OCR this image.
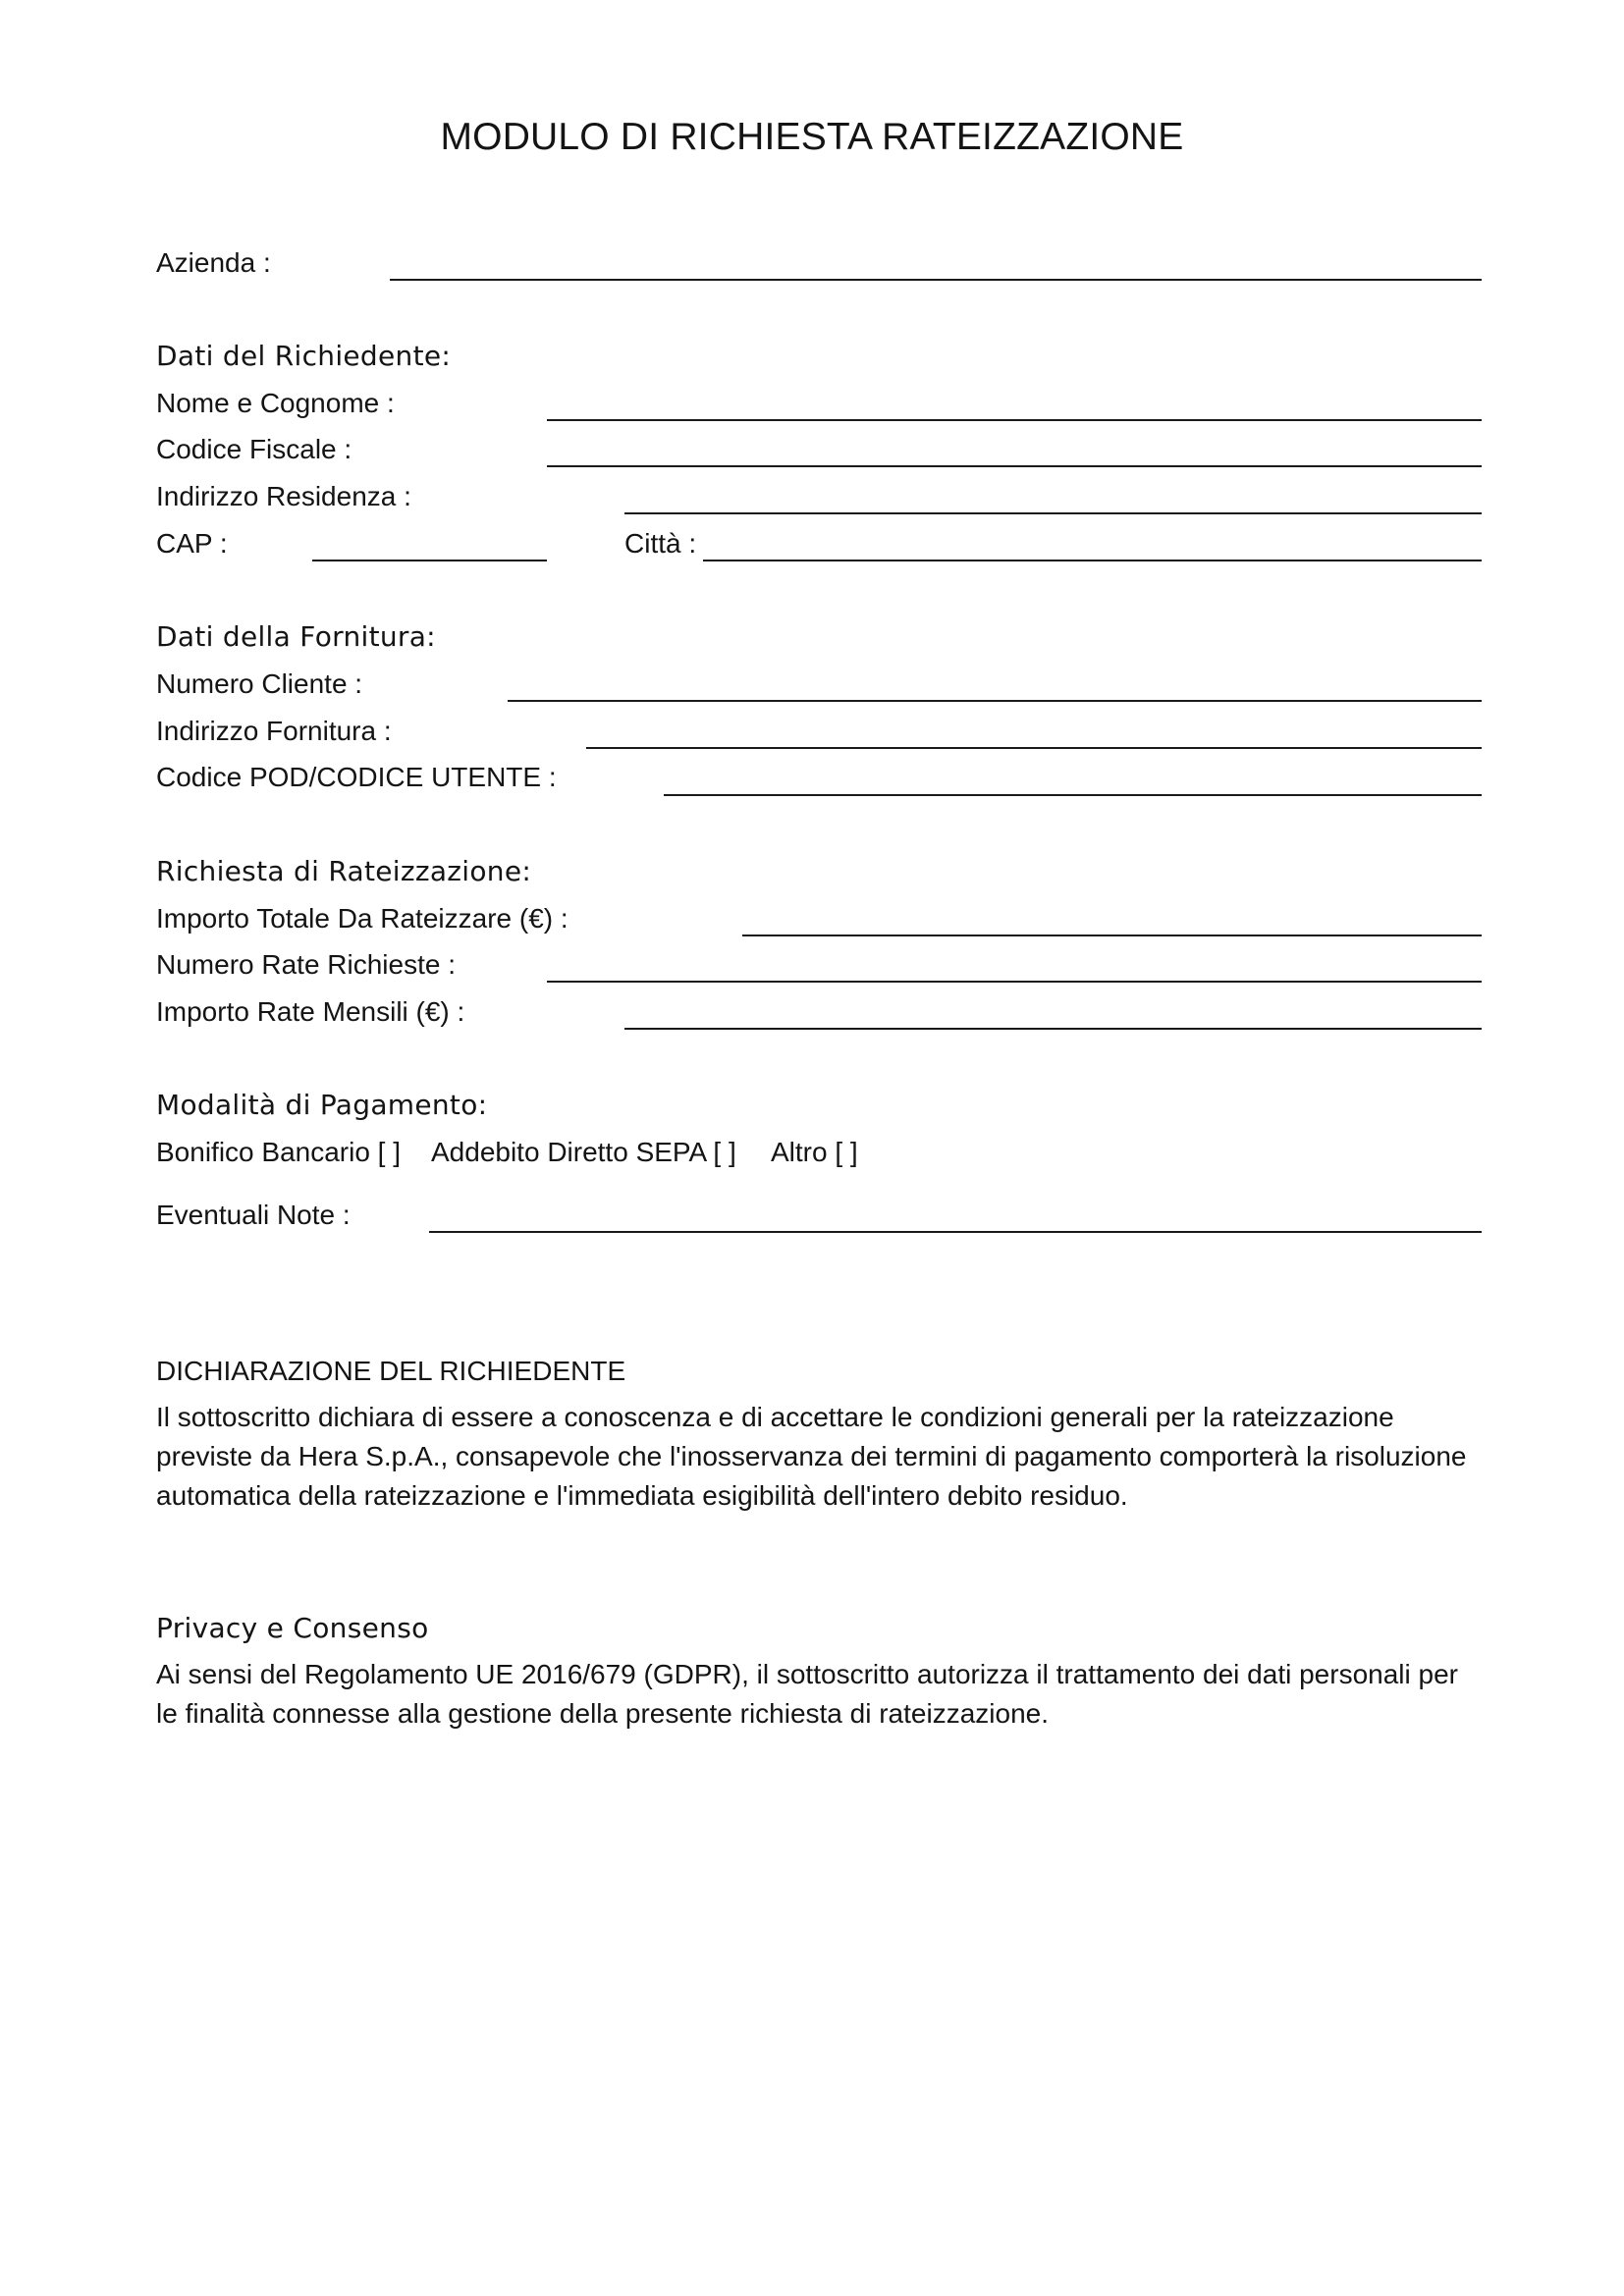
MODULO DI RICHIESTA RATEIZZAZIONE
Azienda :
Dati del Richiedente:
Nome e Cognome :
Codice Fiscale :
Indirizzo Residenza :
CAP :	Città :
Dati della Fornitura:
Numero Cliente :
Indirizzo Fornitura :
Codice POD/CODICE UTENTE :
Richiesta di Rateizzazione:
Importo Totale Da Rateizzare (€) :
Numero Rate Richieste :
Importo Rate Mensili (€) :
Modalità di Pagamento:
Bonifico Bancario [ ] Addebito Diretto SEPA [ ] Altro [ ]
Eventuali Note :
DICHIARAZIONE DEL RICHIEDENTE

Il sottoscritto dichiara di essere a conoscenza e di accettare le condizioni generali per la rateizzazione

previste da Hera S.p.A., consapevole che l'inosservanza dei termini di pagamento comporterà la risoluzione

automatica della rateizzazione e l'immediata esigibilità dell'intero debito residuo.

Privacy e Consenso

Ai sensi del Regolamento UE 2016/679 (GDPR), il sottoscritto autorizza il trattamento dei dati personali per

le finalità connesse alla gestione della presente richiesta di rateizzazione.
